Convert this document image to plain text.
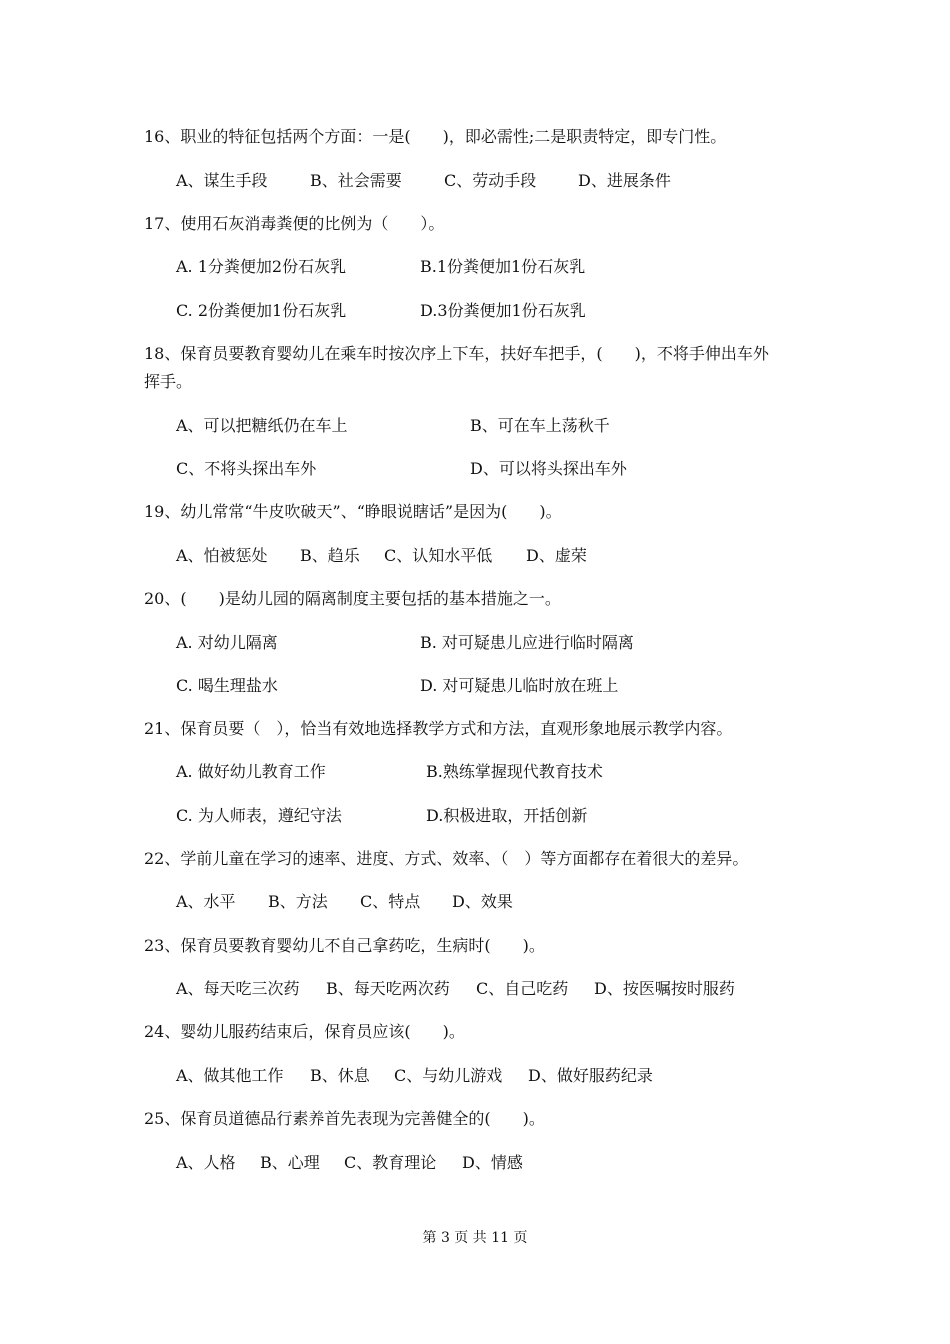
16、职业的特征包括两个方面：一是(　　)，即必需性;二是职责特定，即专门性。
A、谋生手段	B、社会需要	C、劳动手段	D、进展条件
17、使用石灰消毒粪便的比例为（　　）。
A. 1分粪便加2份石灰乳	B.1份粪便加1份石灰乳
C. 2份粪便加1份石灰乳	D.3份粪便加1份石灰乳
18、保育员要教育婴幼儿在乘车时按次序上下车，扶好车把手，(　　)，不将手伸出车外
挥手。
A、可以把糖纸仍在车上	B、可在车上荡秋千
C、不将头探出车外	D、可以将头探出车外
19、幼儿常常“牛皮吹破天”、“睁眼说瞎话”是因为(　　)。
A、怕被惩处 B、趋乐 C、认知水平低 D、虚荣
20、(　　)是幼儿园的隔离制度主要包括的基本措施之一。
A. 对幼儿隔离	B. 对可疑患儿应进行临时隔离
C. 喝生理盐水	D. 对可疑患儿临时放在班上
21、保育员要（　），恰当有效地选择教学方式和方法，直观形象地展示教学内容。
A. 做好幼儿教育工作	B.熟练掌握现代教育技术
C. 为人师表，遵纪守法	D.积极进取，开括创新
22、学前儿童在学习的速率、进度、方式、效率、（　）等方面都存在着很大的差异。
A、水平 B、方法 C、特点 D、效果
23、保育员要教育婴幼儿不自己拿药吃，生病时(　　)。
A、每天吃三次药 B、每天吃两次药 C、自己吃药 D、按医嘱按时服药
24、婴幼儿服药结束后，保育员应该(　　)。
A、做其他工作 B、休息 C、与幼儿游戏 D、做好服药纪录
25、保育员道德品行素养首先表现为完善健全的(　　)。
A、人格 B、心理 C、教育理论 D、情感
第 3 页 共 11 页
